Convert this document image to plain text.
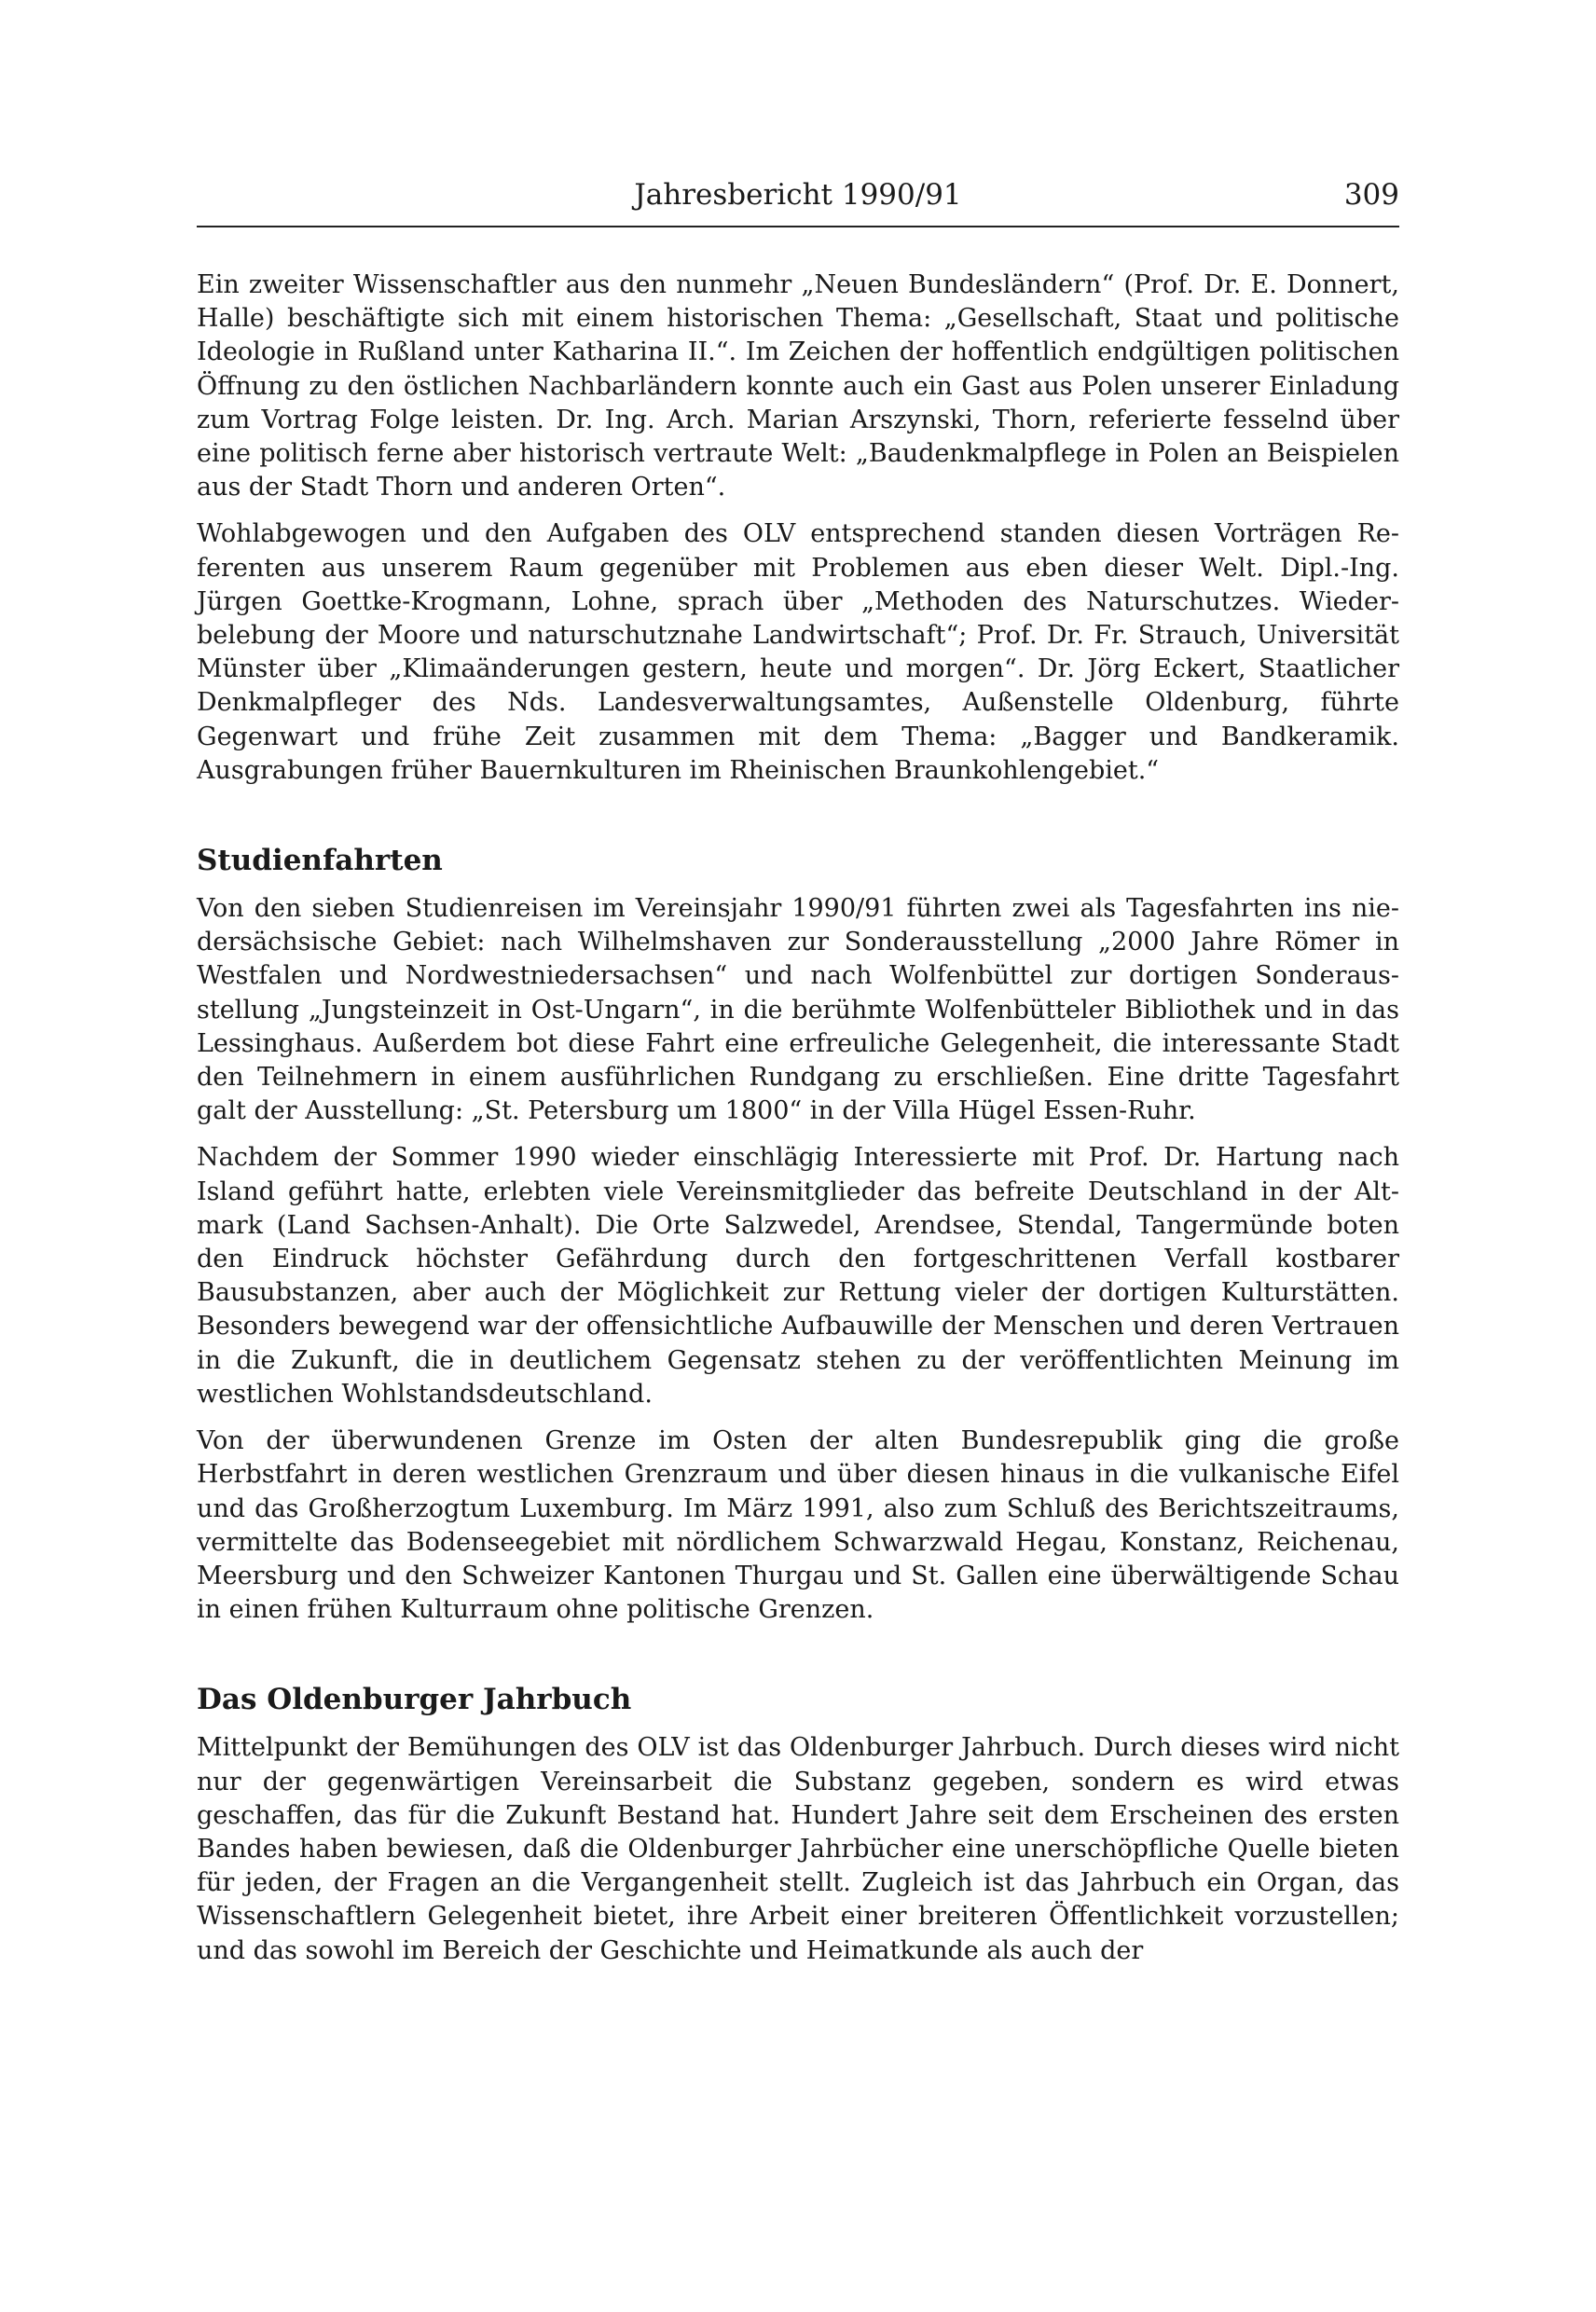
Jahresbericht 1990/91	309

Ein zweiter Wissenschaftler aus den nunmehr „Neuen Bundesländern“ (Prof. Dr. E. Donnert, Halle) beschäftigte sich mit einem historischen Thema: „Gesellschaft, Staat und politische Ideologie in Rußland unter Katharina II.“. Im Zeichen der hoffentlich endgültigen politischen Öffnung zu den östlichen Nachbarländern konnte auch ein Gast aus Polen unserer Einladung zum Vortrag Folge leisten. Dr. Ing. Arch. Marian Arszynski, Thorn, referierte fesselnd über eine politisch ferne aber historisch vertraute Welt: „Baudenkmalpflege in Polen an Beispielen aus der Stadt Thorn und anderen Orten“.

Wohlabgewogen und den Aufgaben des OLV entsprechend standen diesen Vorträgen Referenten aus unserem Raum gegenüber mit Problemen aus eben dieser Welt. Dipl.-Ing. Jürgen Goettke-Krogmann, Lohne, sprach über „Methoden des Naturschutzes. Wiederbelebung der Moore und naturschutznahe Landwirtschaft“; Prof. Dr. Fr. Strauch, Universität Münster über „Klimaänderungen gestern, heute und morgen“. Dr. Jörg Eckert, Staatlicher Denkmalpfleger des Nds. Landesverwaltungsamtes, Außenstelle Oldenburg, führte Gegenwart und frühe Zeit zusammen mit dem Thema: „Bagger und Bandkeramik. Ausgrabungen früher Bauernkulturen im Rheinischen Braunkohlengebiet.“

Studienfahrten

Von den sieben Studienreisen im Vereinsjahr 1990/91 führten zwei als Tagesfahrten ins niedersächsische Gebiet: nach Wilhelmshaven zur Sonderausstellung „2000 Jahre Römer in Westfalen und Nordwestniedersachsen“ und nach Wolfenbüttel zur dortigen Sonderausstellung „Jungsteinzeit in Ost-Ungarn“, in die berühmte Wolfenbütteler Bibliothek und in das Lessinghaus. Außerdem bot diese Fahrt eine erfreuliche Gelegenheit, die interessante Stadt den Teilnehmern in einem ausführlichen Rundgang zu erschließen. Eine dritte Tagesfahrt galt der Ausstellung: „St. Petersburg um 1800“ in der Villa Hügel Essen-Ruhr.

Nachdem der Sommer 1990 wieder einschlägig Interessierte mit Prof. Dr. Hartung nach Island geführt hatte, erlebten viele Vereinsmitglieder das befreite Deutschland in der Altmark (Land Sachsen-Anhalt). Die Orte Salzwedel, Arendsee, Stendal, Tangermünde boten den Eindruck höchster Gefährdung durch den fortgeschrittenen Verfall kostbarer Bausubstanzen, aber auch der Möglichkeit zur Rettung vieler der dortigen Kulturstätten. Besonders bewegend war der offensichtliche Aufbauwille der Menschen und deren Vertrauen in die Zukunft, die in deutlichem Gegensatz stehen zu der veröffentlichten Meinung im westlichen Wohlstandsdeutschland.

Von der überwundenen Grenze im Osten der alten Bundesrepublik ging die große Herbstfahrt in deren westlichen Grenzraum und über diesen hinaus in die vulkanische Eifel und das Großherzogtum Luxemburg. Im März 1991, also zum Schluß des Berichtszeitraums, vermittelte das Bodenseegebiet mit nördlichem Schwarzwald Hegau, Konstanz, Reichenau, Meersburg und den Schweizer Kantonen Thurgau und St. Gallen eine überwältigende Schau in einen frühen Kulturraum ohne politische Grenzen.

Das Oldenburger Jahrbuch

Mittelpunkt der Bemühungen des OLV ist das Oldenburger Jahrbuch. Durch dieses wird nicht nur der gegenwärtigen Vereinsarbeit die Substanz gegeben, sondern es wird etwas geschaffen, das für die Zukunft Bestand hat. Hundert Jahre seit dem Erscheinen des ersten Bandes haben bewiesen, daß die Oldenburger Jahrbücher eine unerschöpfliche Quelle bieten für jeden, der Fragen an die Vergangenheit stellt. Zugleich ist das Jahrbuch ein Organ, das Wissenschaftlern Gelegenheit bietet, ihre Arbeit einer breiteren Öffentlichkeit vorzustellen; und das sowohl im Bereich der Geschichte und Heimatkunde als auch der
